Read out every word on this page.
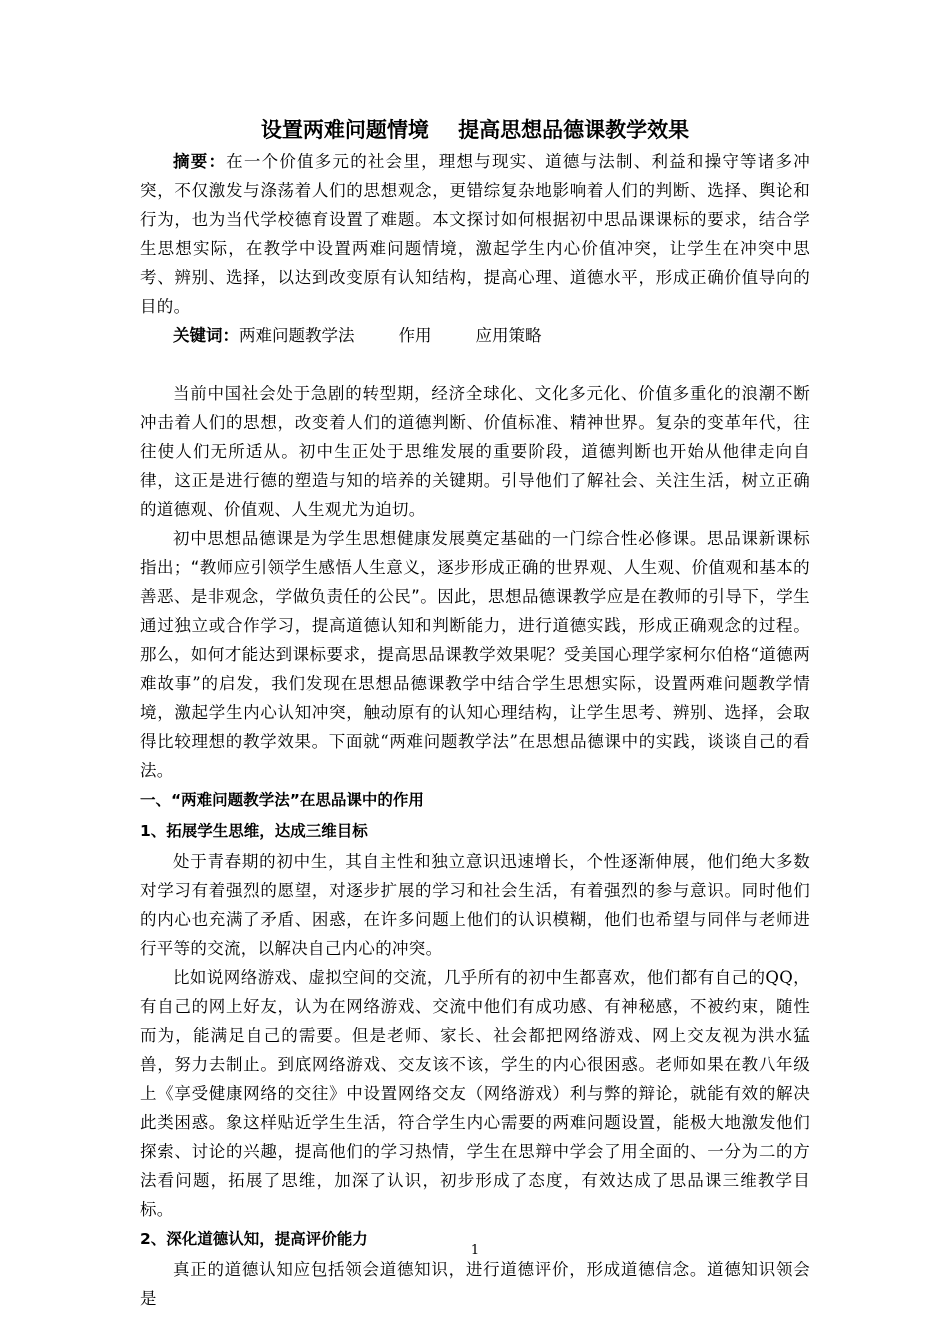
设置两难问题情境    提高思想品德课教学效果

摘要：在一个价值多元的社会里，理想与现实、道德与法制、利益和操守等诸多冲突，不仅激发与涤荡着人们的思想观念，更错综复杂地影响着人们的判断、选择、舆论和行为，也为当代学校德育设置了难题。本文探讨如何根据初中思品课课标的要求，结合学生思想实际，在教学中设置两难问题情境，激起学生内心价值冲突，让学生在冲突中思考、辨别、选择，以达到改变原有认知结构，提高心理、道德水平，形成正确价值导向的目的。

关键词：两难问题教学法	作用	应用策略

当前中国社会处于急剧的转型期，经济全球化、文化多元化、价值多重化的浪潮不断冲击着人们的思想，改变着人们的道德判断、价值标准、精神世界。复杂的变革年代，往往使人们无所适从。初中生正处于思维发展的重要阶段，道德判断也开始从他律走向自律，这正是进行德的塑造与知的培养的关键期。引导他们了解社会、关注生活，树立正确的道德观、价值观、人生观尤为迫切。

初中思想品德课是为学生思想健康发展奠定基础的一门综合性必修课。思品课新课标指出；“教师应引领学生感悟人生意义，逐步形成正确的世界观、人生观、价值观和基本的善恶、是非观念，学做负责任的公民”。因此，思想品德课教学应是在教师的引导下，学生通过独立或合作学习，提高道德认知和判断能力，进行道德实践，形成正确观念的过程。那么，如何才能达到课标要求，提高思品课教学效果呢？受美国心理学家柯尔伯格“道德两难故事”的启发，我们发现在思想品德课教学中结合学生思想实际，设置两难问题教学情境，激起学生内心认知冲突，触动原有的认知心理结构，让学生思考、辨别、选择，会取得比较理想的教学效果。下面就“两难问题教学法”在思想品德课中的实践，谈谈自己的看法。

一、“两难问题教学法”在思品课中的作用
1、拓展学生思维，达成三维目标

处于青春期的初中生，其自主性和独立意识迅速增长，个性逐渐伸展，他们绝大多数对学习有着强烈的愿望，对逐步扩展的学习和社会生活，有着强烈的参与意识。同时他们的内心也充满了矛盾、困惑，在许多问题上他们的认识模糊，他们也希望与同伴与老师进行平等的交流，以解决自己内心的冲突。

比如说网络游戏、虚拟空间的交流，几乎所有的初中生都喜欢，他们都有自己的QQ，有自己的网上好友，认为在网络游戏、交流中他们有成功感、有神秘感，不被约束，随性而为，能满足自己的需要。但是老师、家长、社会都把网络游戏、网上交友视为洪水猛兽，努力去制止。到底网络游戏、交友该不该，学生的内心很困惑。老师如果在教八年级上《享受健康网络的交往》中设置网络交友（网络游戏）利与弊的辩论，就能有效的解决此类困惑。象这样贴近学生生活，符合学生内心需要的两难问题设置，能极大地激发他们探索、讨论的兴趣，提高他们的学习热情，学生在思辩中学会了用全面的、一分为二的方法看问题，拓展了思维，加深了认识，初步形成了态度，有效达成了思品课三维教学目标。

2、深化道德认知，提高评价能力

真正的道德认知应包括领会道德知识，进行道德评价，形成道德信念。道德知识领会是

1
